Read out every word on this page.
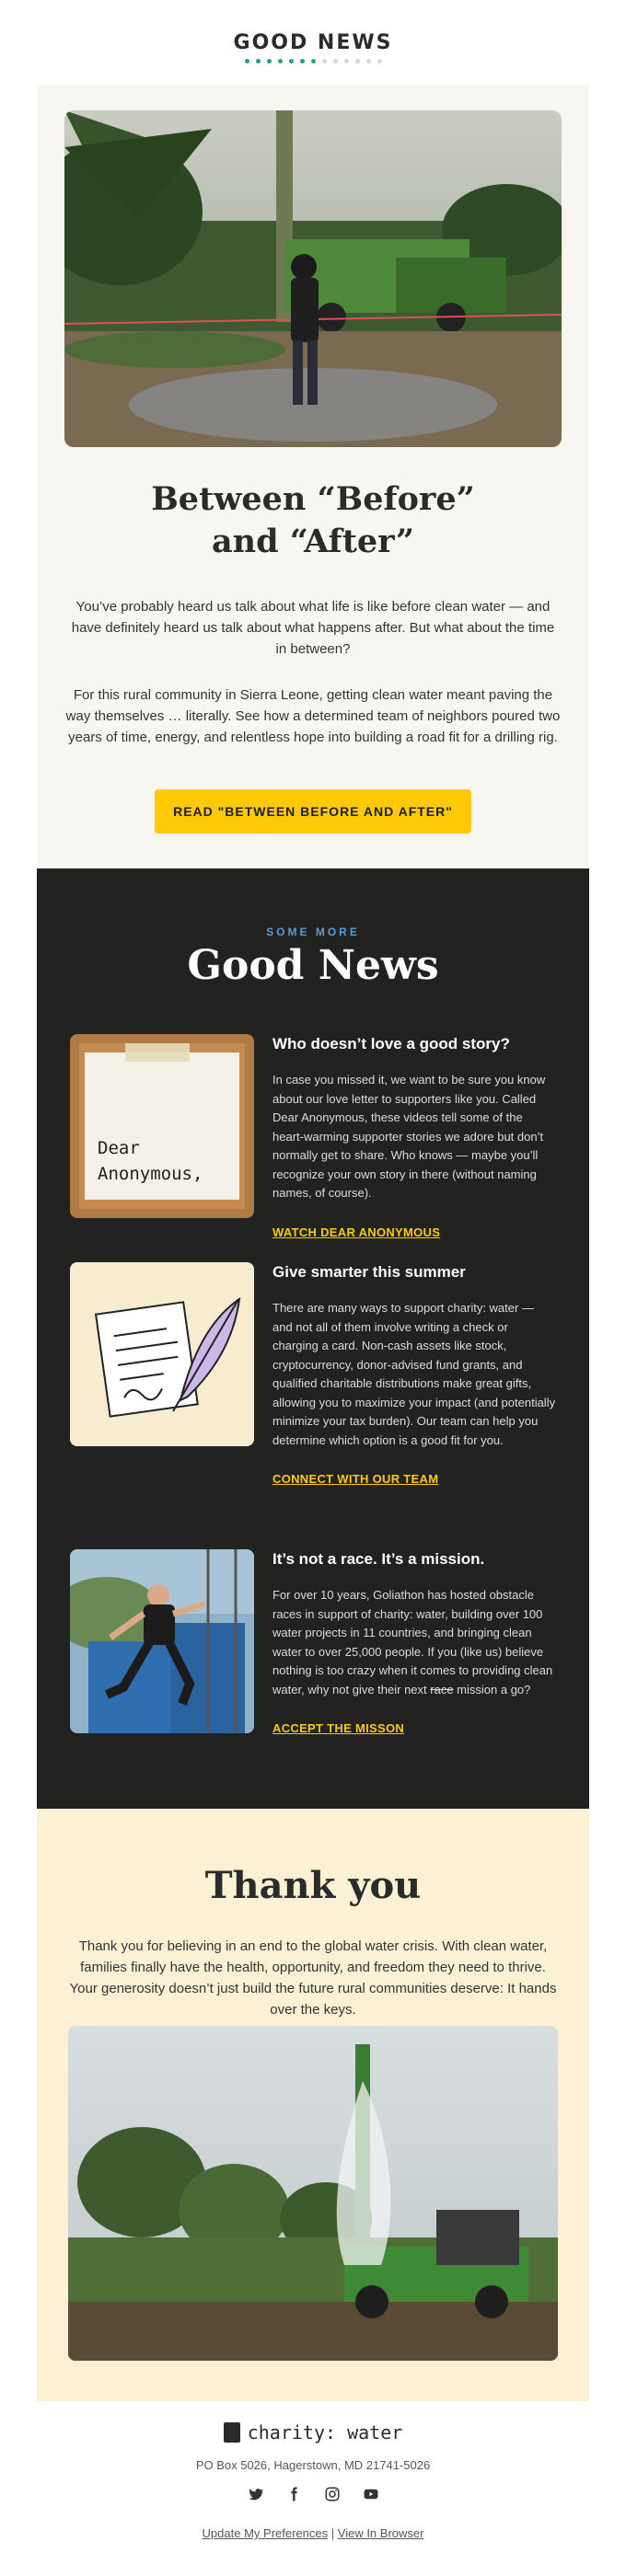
GOOD NEWS
Between “Before”
and “After”

You’ve probably heard us talk about what life is like before clean water — and have definitely heard us talk about what happens after. But what about the time in between?

For this rural community in Sierra Leone, getting clean water meant paving the way themselves … literally. See how a determined team of neighbors poured two years of time, energy, and relentless hope into building a road fit for a drilling rig.

READ "BETWEEN BEFORE AND AFTER"
SOME MORE
Good News
Dear
Anonymous,
Who doesn’t love a good story?
In case you missed it, we want to be sure you know about our love letter to supporters like you. Called Dear Anonymous, these videos tell some of the heart-warming supporter stories we adore but don’t normally get to share. Who knows — maybe you’ll recognize your own story in there (without naming names, of course).
WATCH DEAR ANONYMOUS
Give smarter this summer
There are many ways to support charity: water — and not all of them involve writing a check or charging a card. Non-cash assets like stock, cryptocurrency, donor-advised fund grants, and qualified charitable distributions make great gifts, allowing you to maximize your impact (and potentially minimize your tax burden). Our team can help you determine which option is a good fit for you.
CONNECT WITH OUR TEAM
It’s not a race. It’s a mission.
For over 10 years, Goliathon has hosted obstacle races in support of charity: water, building over 100 water projects in 11 countries, and bringing clean water to over 25,000 people. If you (like us) believe nothing is too crazy when it comes to providing clean water, why not give their next race mission a go?
ACCEPT THE MISSON
Thank you

Thank you for believing in an end to the global water crisis. With clean water, families finally have the health, opportunity, and freedom they need to thrive. Your generosity doesn’t just build the future rural communities deserve: It hands over the keys.

charity: water
PO Box 5026, Hagerstown, MD 21741-5026
Update My Preferences | View In Browser
